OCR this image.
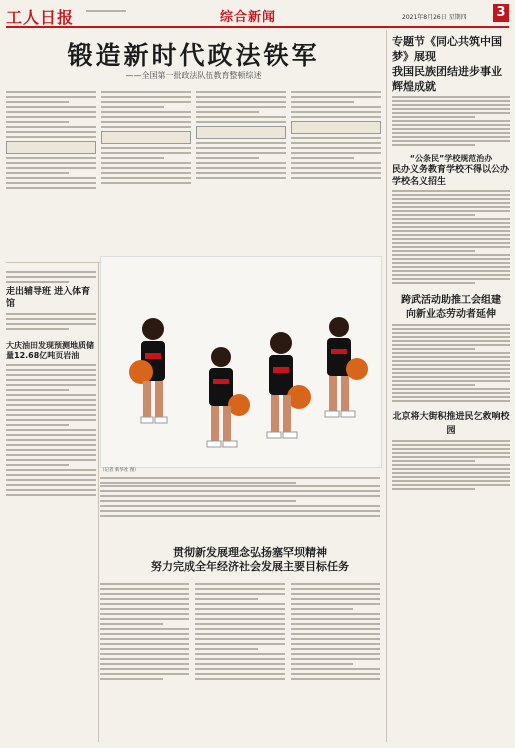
工人日报	综合新闻	2021年8月26日 星期四 3
锻造新时代政法铁军
——全国第一批政法队伍教育整顿综述
走出辅导班 进入体育馆
大庆油田发现预测地质储量12.68亿吨页岩油
（记者 新华社 图）
贯彻新发展理念弘扬塞罕坝精神
努力完成全年经济社会发展主要目标任务
专题节《同心共筑中国梦》展现
我国民族团结进步事业辉煌成就
“公条民”学校规范治办
民办义务教育学校不得以公办学校名义招生
跨武活动助推工会组建
向新业态劳动者延伸
北京将大街积推进民乞救响校园
